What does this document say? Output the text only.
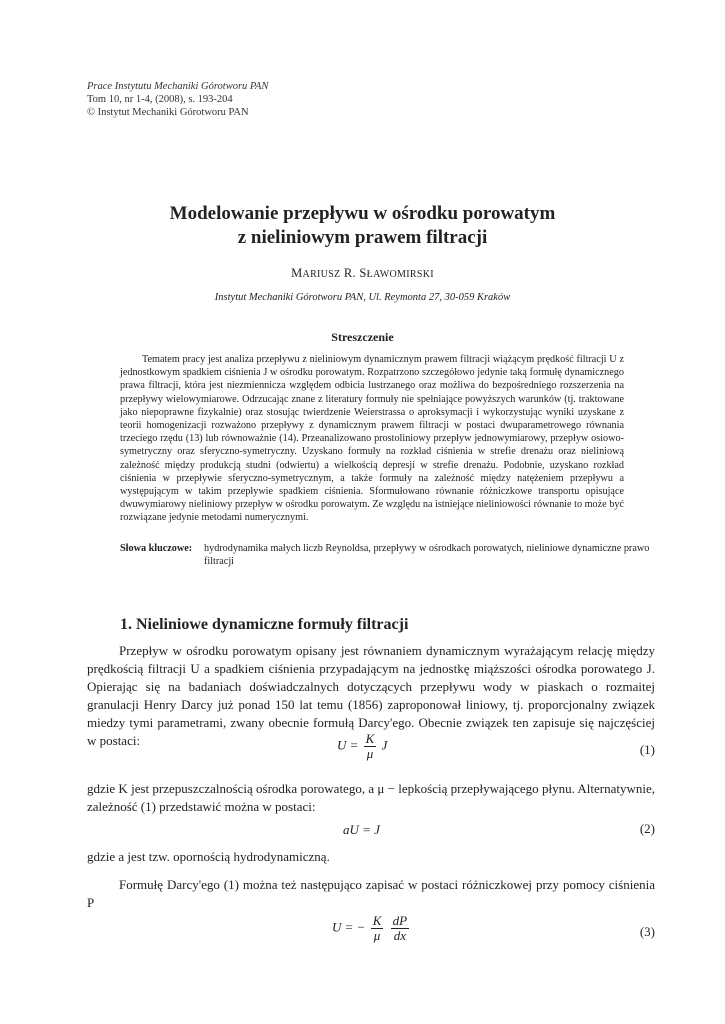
Prace Instytutu Mechaniki Górotworu PAN
Tom 10, nr 1-4, (2008), s. 193-204
© Instytut Mechaniki Górotworu PAN
Modelowanie przepływu w ośrodku porowatym
z nieliniowym prawem filtracji
MARIUSZ R. SŁAWOMIRSKI
Instytut Mechaniki Górotworu PAN, Ul. Reymonta 27, 30-059 Kraków
Streszczenie

Tematem pracy jest analiza przepływu z nieliniowym dynamicznym prawem filtracji wiążącym prędkość filtracji U z jednostkowym spadkiem ciśnienia J w ośrodku porowatym. Rozpatrzono szczegółowo jedynie taką formułę dynamicznego prawa filtracji, która jest niezmiennicza względem odbicia lustrzanego oraz możliwa do bezpośredniego rozszerzenia na przepływy wielowymiarowe. Odrzucając znane z literatury formuły nie spełniające powyższych warunków (tj. traktowane jako niepoprawne fizykalnie) oraz stosując twierdzenie Weierstrassa o aproksymacji i wykorzystując wyniki uzyskane z teorii homogenizacji rozważono przepływy z dynamicznym prawem filtracji w postaci dwuparametrowego równania trzeciego rzędu (13) lub równoważnie (14). Przeanalizowano prostoliniowy przepływ jednowymiarowy, przepływ osiowo-symetryczny oraz sferyczno-symetryczny. Uzyskano formuły na rozkład ciśnienia w strefie drenażu oraz nieliniową zależność między produkcją studni (odwiertu) a wielkością depresji w strefie drenażu. Podobnie, uzyskano rozkład ciśnienia w przepływie sferyczno-symetrycznym, a także formuły na zależność między natężeniem przepływu a występującym w takim przepływie spadkiem ciśnienia. Sformułowano równanie różniczkowe transportu opisujące dwuwymiarowy nieliniowy przepływ w ośrodku porowatym. Ze względu na istniejące nieliniowości równanie to może być rozwiązane jedynie metodami numerycznymi.

Słowa kluczowe:	hydrodynamika małych liczb Reynoldsa, przepływy w ośrodkach porowatych, nieliniowe dynamiczne prawo filtracji
1. Nieliniowe dynamiczne formuły filtracji

Przepływ w ośrodku porowatym opisany jest równaniem dynamicznym wyrażającym relację między prędkością filtracji U a spadkiem ciśnienia przypadającym na jednostkę miąższości ośrodka porowatego J. Opierając się na badaniach doświadczalnych dotyczących przepływu wody w piaskach o rozmaitej granulacji Henry Darcy już ponad 150 lat temu (1856) zaproponował liniowy, tj. proporcjonalny związek miedzy tymi parametrami, zwany obecnie formułą Darcy'ego. Obecnie związek ten zapisuje się najczęściej w postaci:	$U = \frac{K}{\mu}$ J	(1)

gdzie K jest przepuszczalnością ośrodka porowatego, a μ − lepkością przepływającego płynu. Alternatywnie, zależność (1) przedstawić można w postaci:

aU = J	(2)

gdzie a jest tzw. opornością hydrodynamiczną.

Formułę Darcy'ego (1) można też następująco zapisać w postaci różniczkowej przy pomocy ciśnienia P

U = − $\frac{K}{\mu}$
$\frac{dP}{dx}$	(3)
